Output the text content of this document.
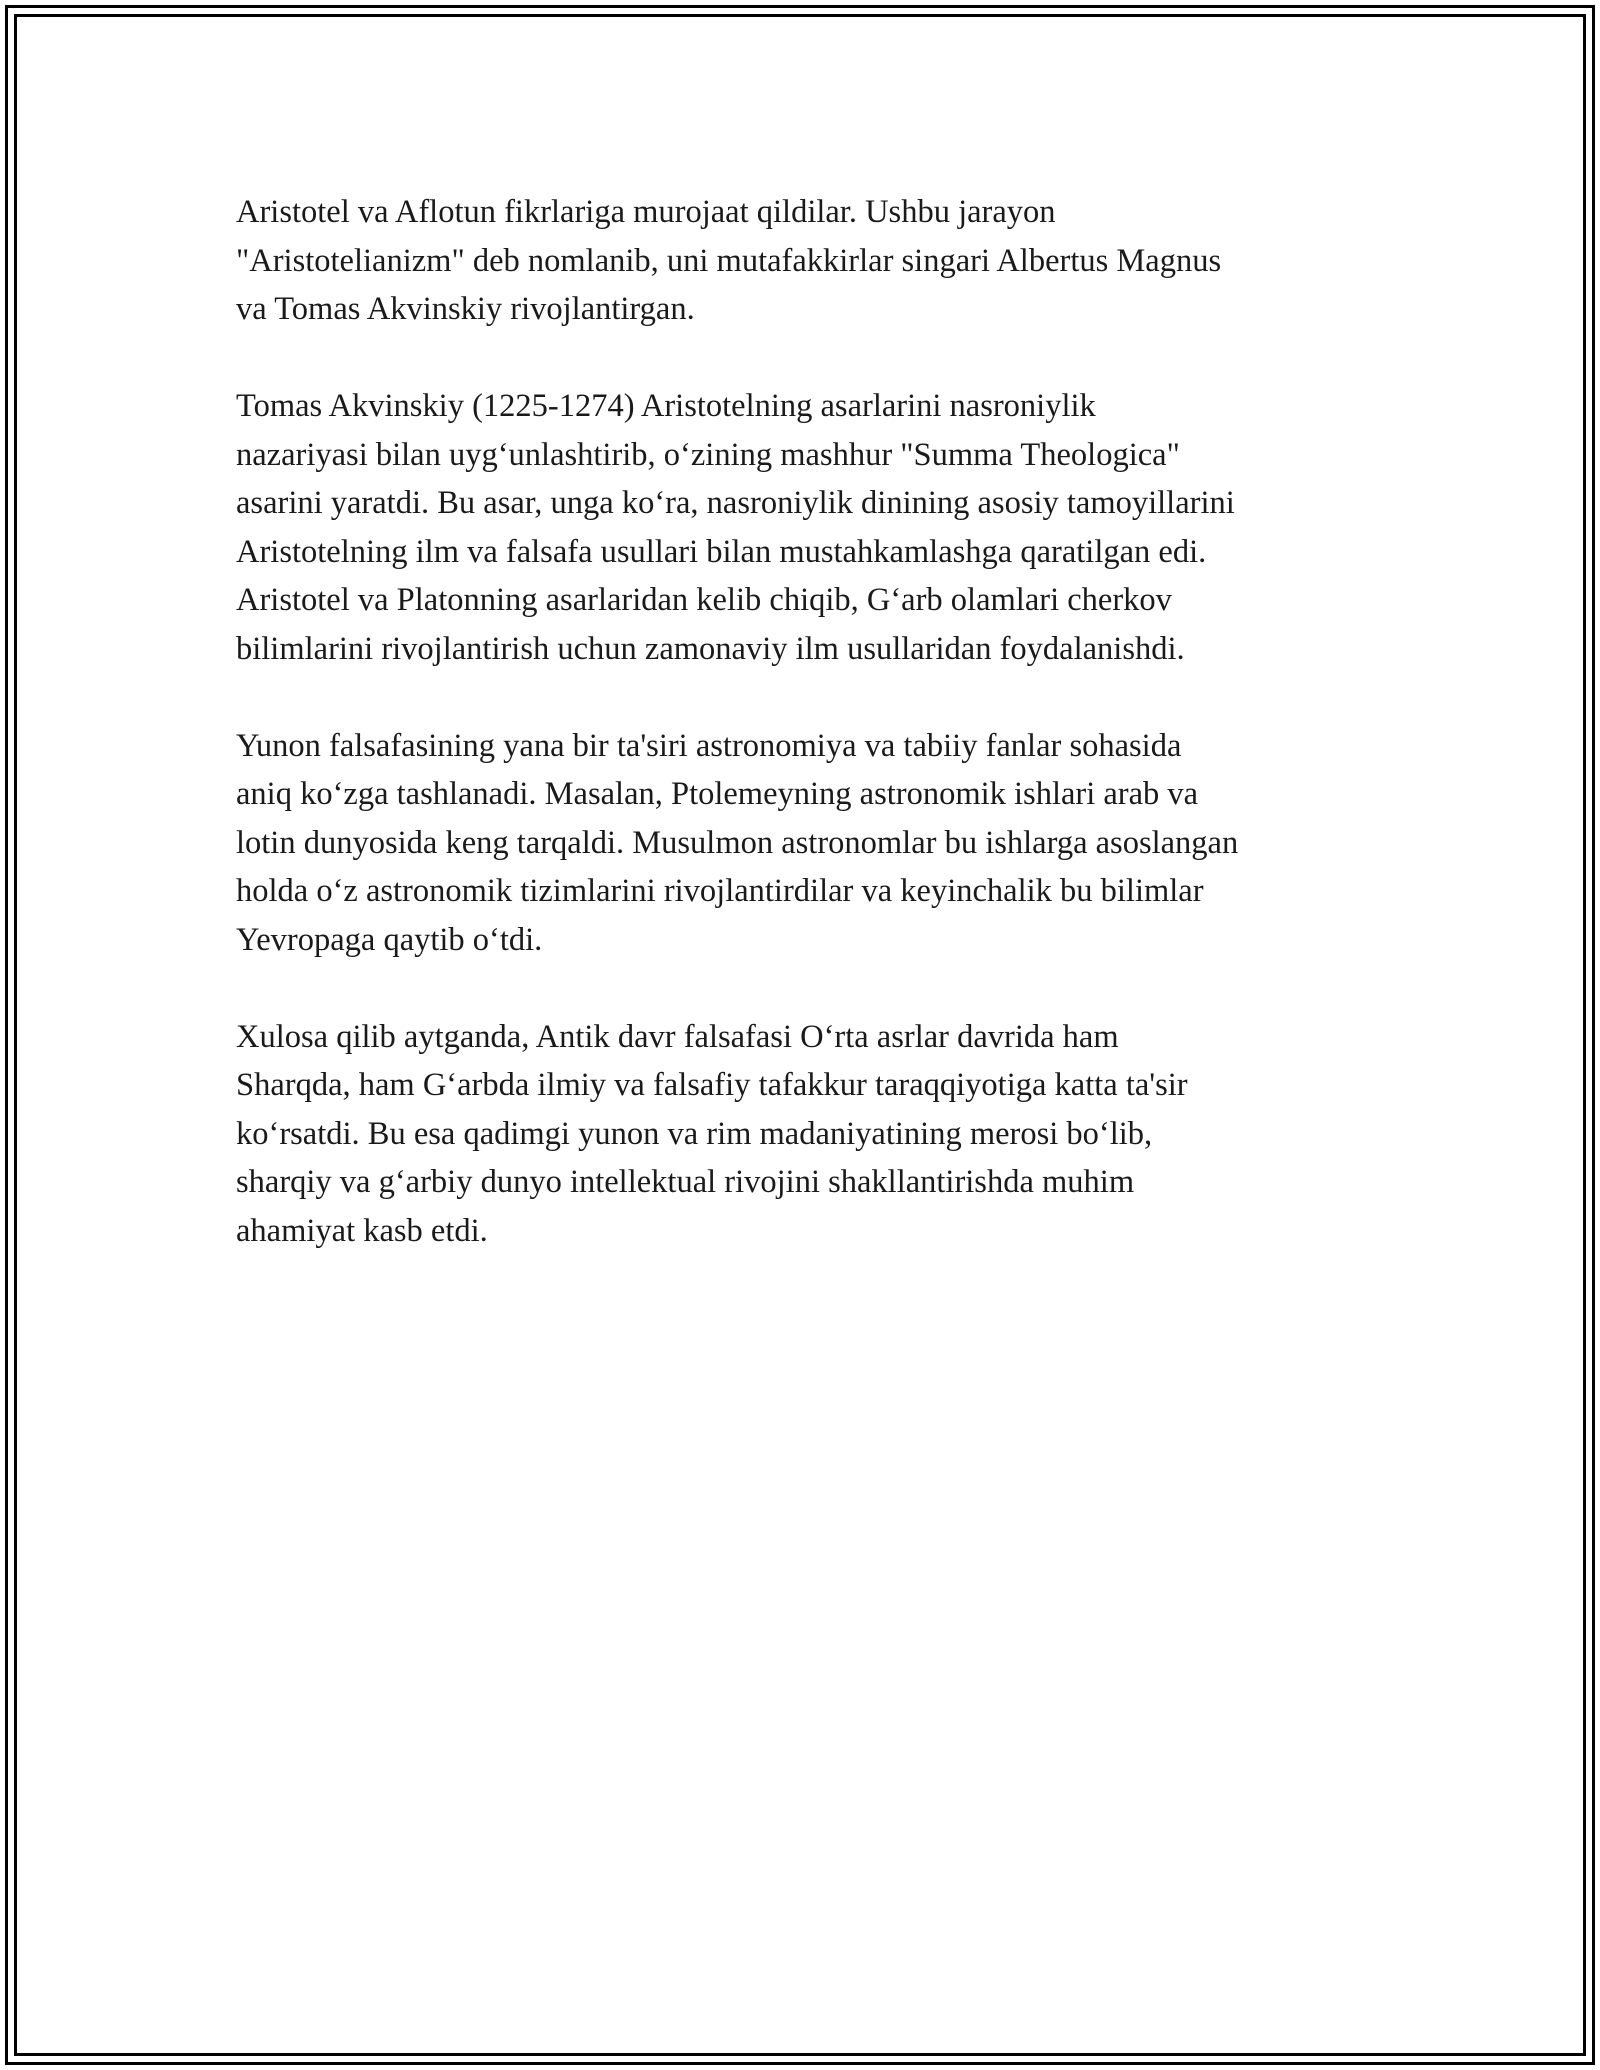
Aristotel va Aflotun fikrlariga murojaat qildilar. Ushbu jarayon
"Aristotelianizm" deb nomlanib, uni mutafakkirlar singari Albertus Magnus
va Tomas Akvinskiy rivojlantirgan.

Tomas Akvinskiy (1225-1274) Aristotelning asarlarini nasroniylik
nazariyasi bilan uyg‘unlashtirib, o‘zining mashhur "Summa Theologica"
asarini yaratdi. Bu asar, unga ko‘ra, nasroniylik dinining asosiy tamoyillarini
Aristotelning ilm va falsafa usullari bilan mustahkamlashga qaratilgan edi.
Aristotel va Platonning asarlaridan kelib chiqib, G‘arb olamlari cherkov
bilimlarini rivojlantirish uchun zamonaviy ilm usullaridan foydalanishdi.

Yunon falsafasining yana bir ta'siri astronomiya va tabiiy fanlar sohasida
aniq ko‘zga tashlanadi. Masalan, Ptolemeyning astronomik ishlari arab va
lotin dunyosida keng tarqaldi. Musulmon astronomlar bu ishlarga asoslangan
holda o‘z astronomik tizimlarini rivojlantirdilar va keyinchalik bu bilimlar
Yevropaga qaytib o‘tdi.

Xulosa qilib aytganda, Antik davr falsafasi O‘rta asrlar davrida ham
Sharqda, ham G‘arbda ilmiy va falsafiy tafakkur taraqqiyotiga katta ta'sir
ko‘rsatdi. Bu esa qadimgi yunon va rim madaniyatining merosi bo‘lib,
sharqiy va g‘arbiy dunyo intellektual rivojini shakllantirishda muhim
ahamiyat kasb etdi.
